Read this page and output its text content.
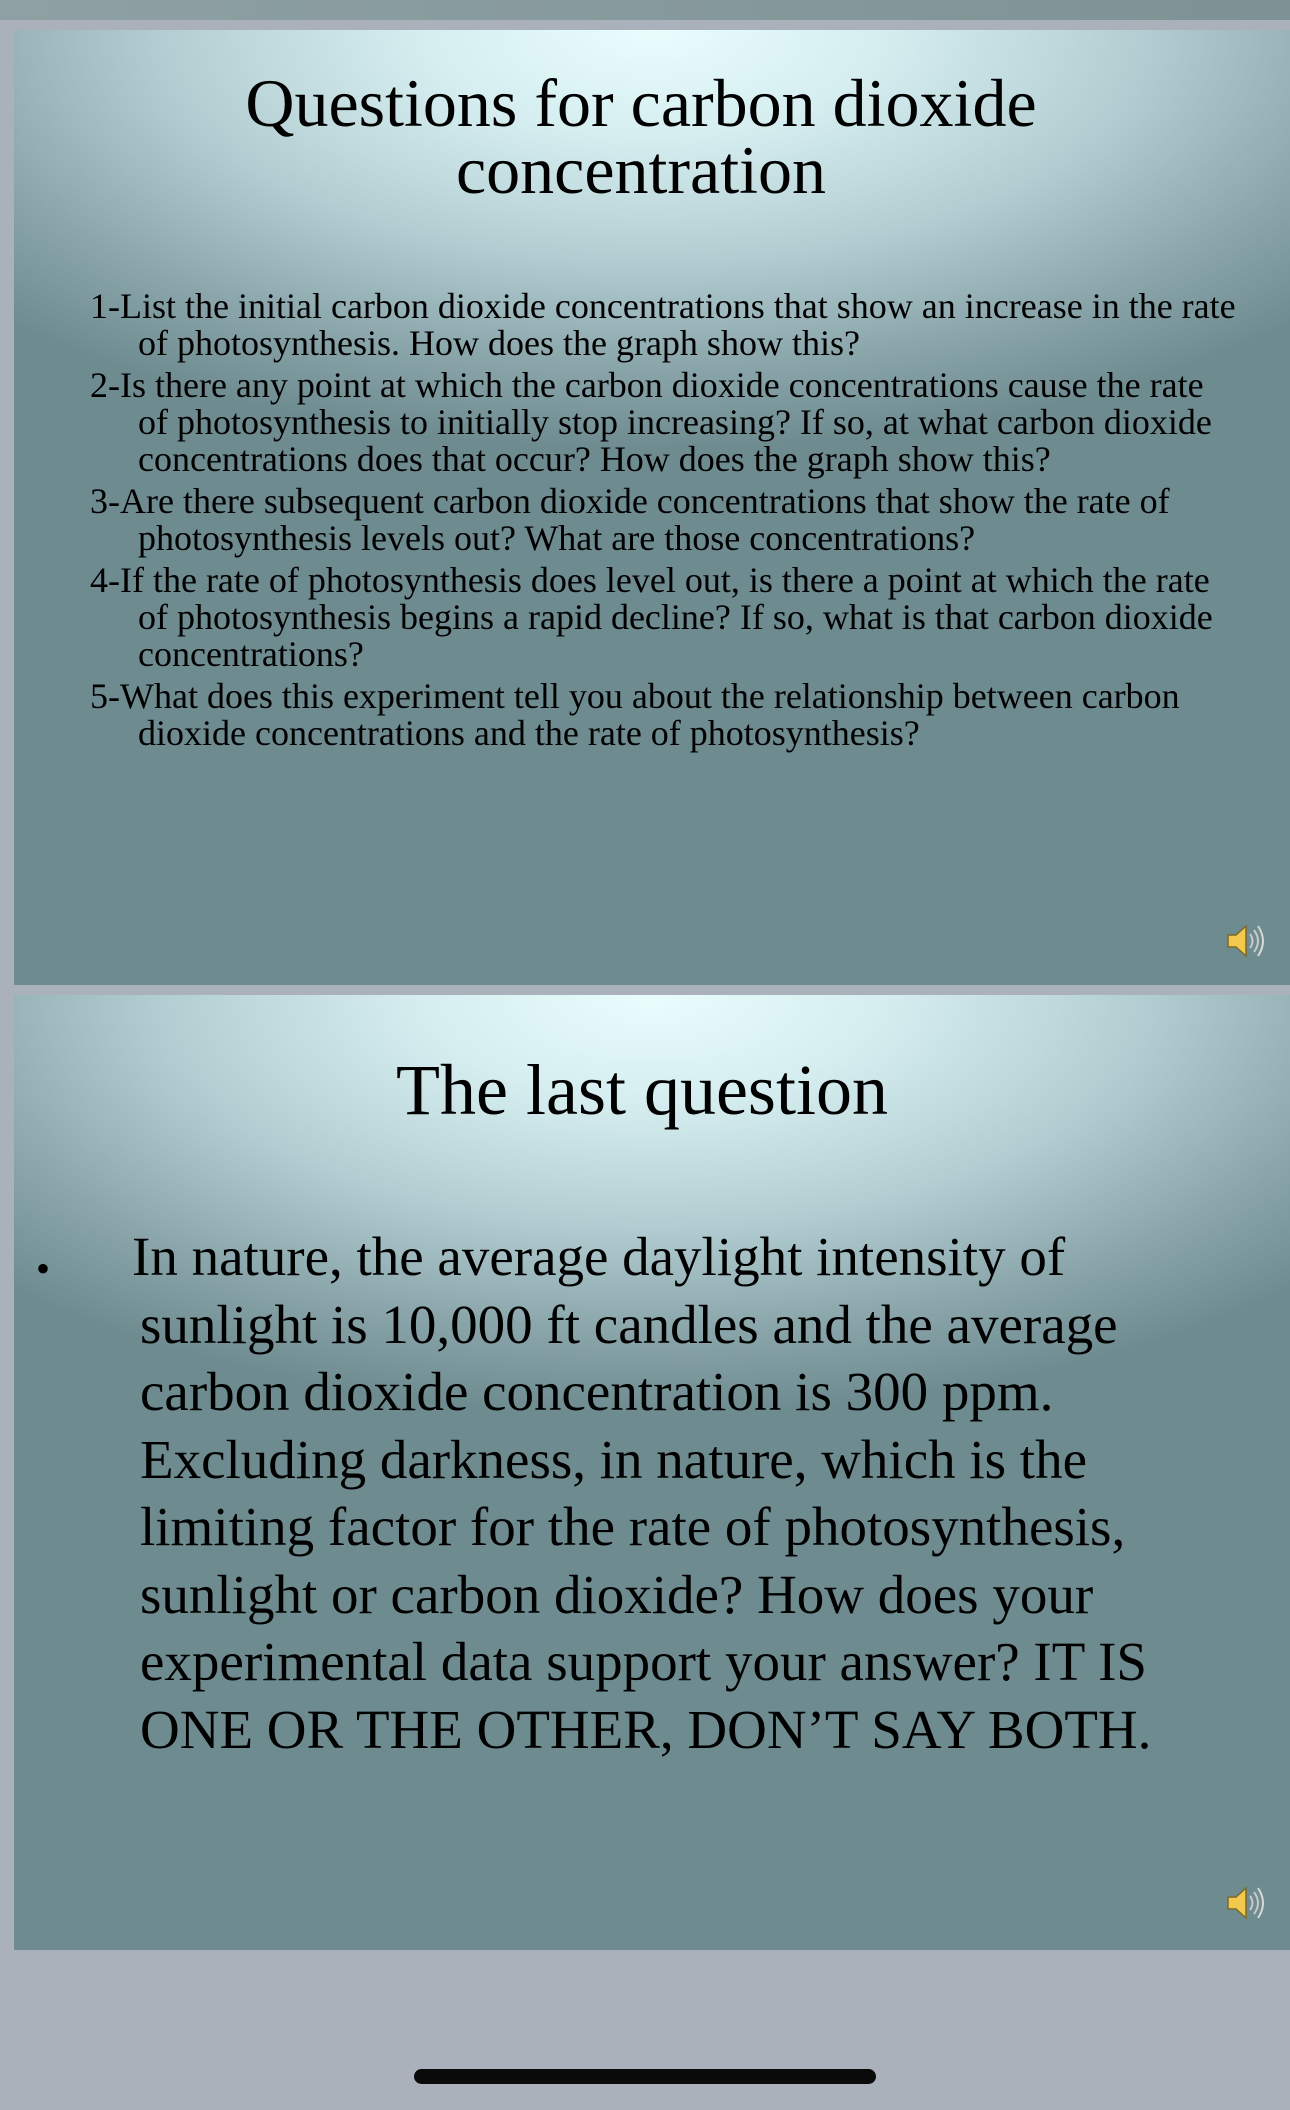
Questions for carbon dioxide
concentration
1-List the initial carbon dioxide concentrations that show an increase in the rate of photosynthesis. How does the graph show this?
2-Is there any point at which the carbon dioxide concentrations cause the rate of photosynthesis to initially stop increasing? If so, at what carbon dioxide concentrations does that occur? How does the graph show this?
3-Are there subsequent carbon dioxide concentrations that show the rate of photosynthesis levels out? What are those concentrations?
4-If the rate of photosynthesis does level out, is there a point at which the rate of photosynthesis begins a rapid decline? If so, what is that carbon dioxide concentrations?
5-What does this experiment tell you about the relationship between carbon dioxide concentrations and the rate of photosynthesis?
The last question
• In nature, the average daylight intensity of
sunlight is 10,000 ft candles and the average
carbon dioxide concentration is 300 ppm.
Excluding darkness, in nature, which is the
limiting factor for the rate of photosynthesis,
sunlight or carbon dioxide? How does your
experimental data support your answer? IT IS
ONE OR THE OTHER, DON’T SAY BOTH.
